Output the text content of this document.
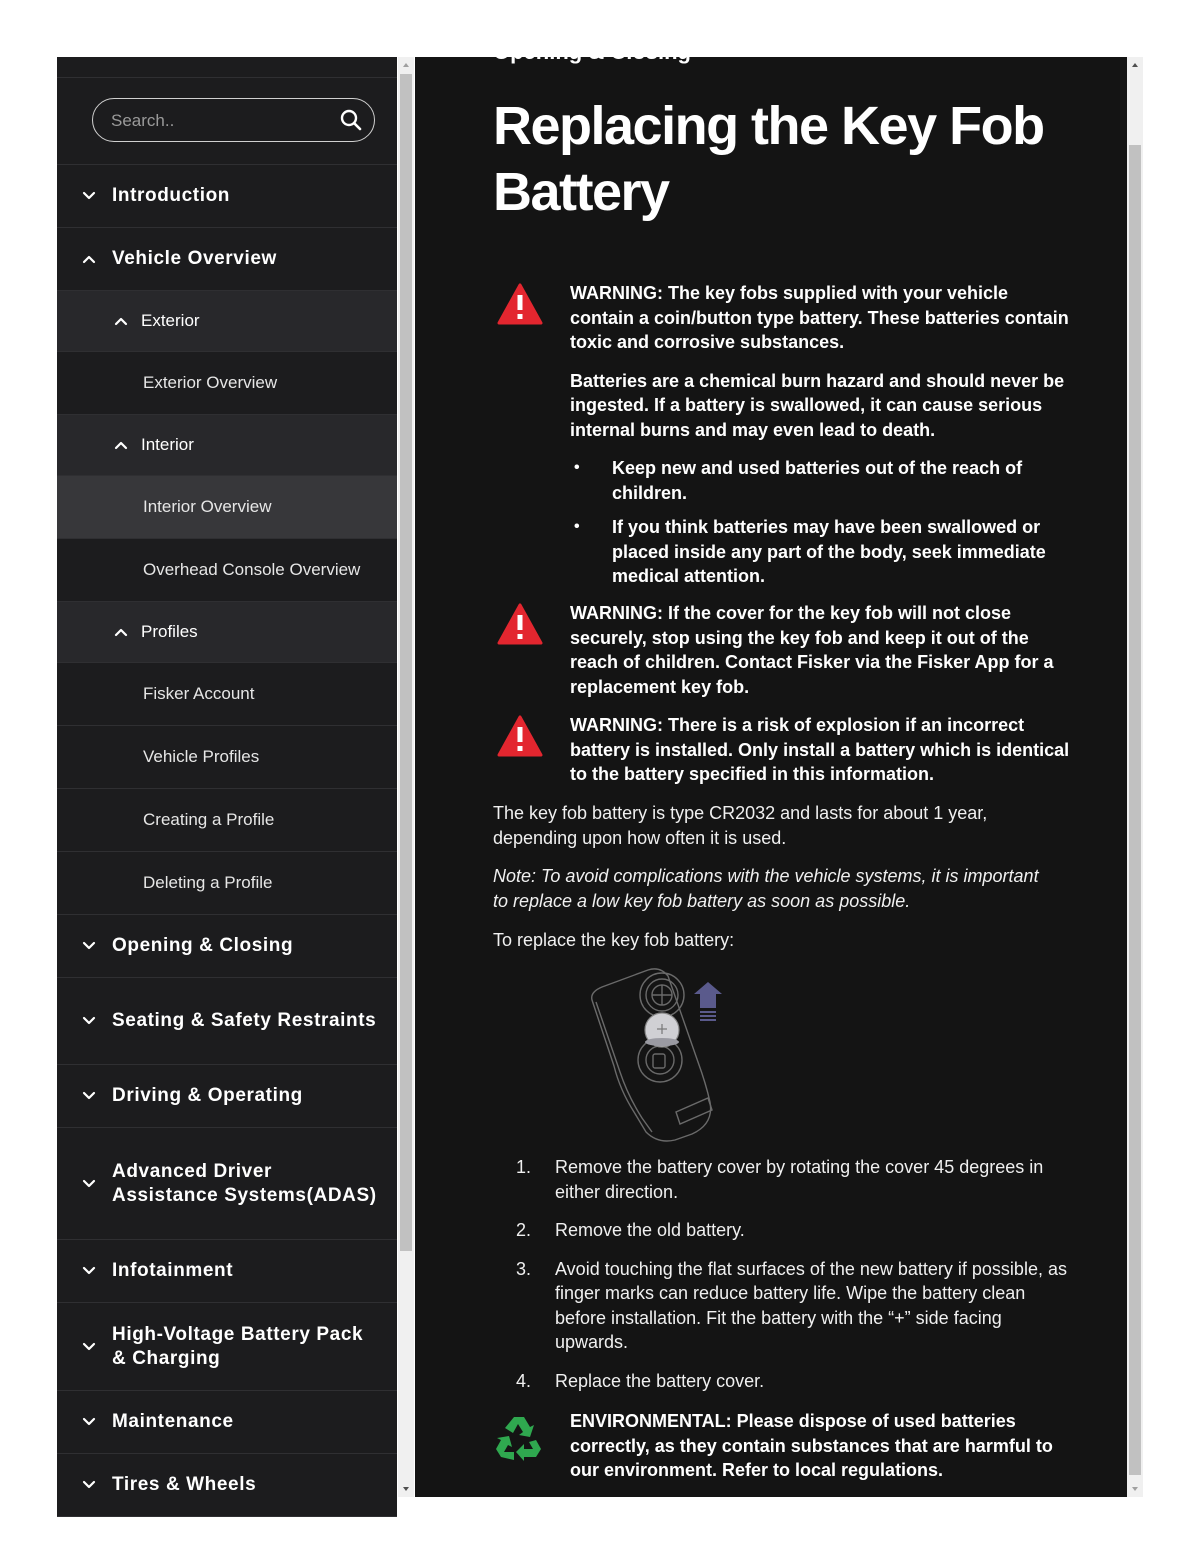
Search..
Introduction
Vehicle Overview
Exterior
Exterior Overview
Interior
Interior Overview
Overhead Console Overview
Profiles
Fisker Account
Vehicle Profiles
Creating a Profile
Deleting a Profile
Opening & Closing
Seating & Safety Restraints
Driving & Operating
Advanced Driver Assistance Systems(ADAS)
Infotainment
High-Voltage Battery Pack & Charging
Maintenance
Tires & Wheels
Opening & Closing
Replacing the Key Fob Battery

WARNING: The key fobs supplied with your vehicle contain a coin/button type battery. These batteries contain toxic and corrosive substances.

Batteries are a chemical burn hazard and should never be ingested. If a battery is swallowed, it can cause serious internal burns and may even lead to death.

• Keep new and used batteries out of the reach of children.
• If you think batteries may have been swallowed or placed inside any part of the body, seek immediate medical attention.

WARNING: If the cover for the key fob will not close securely, stop using the key fob and keep it out of the reach of children. Contact Fisker via the Fisker App for a replacement key fob.

WARNING: There is a risk of explosion if an incorrect battery is installed. Only install a battery which is identical to the battery specified in this information.

The key fob battery is type CR2032 and lasts for about 1 year, depending upon how often it is used.

Note: To avoid complications with the vehicle systems, it is important to replace a low key fob battery as soon as possible.

To replace the key fob battery:

1. Remove the battery cover by rotating the cover 45 degrees in either direction.
2. Remove the old battery.
3. Avoid touching the flat surfaces of the new battery if possible, as finger marks can reduce battery life. Wipe the battery clean before installation. Fit the battery with the “+” side facing upwards.
4. Replace the battery cover.

ENVIRONMENTAL: Please dispose of used batteries correctly, as they contain substances that are harmful to our environment. Refer to local regulations.
